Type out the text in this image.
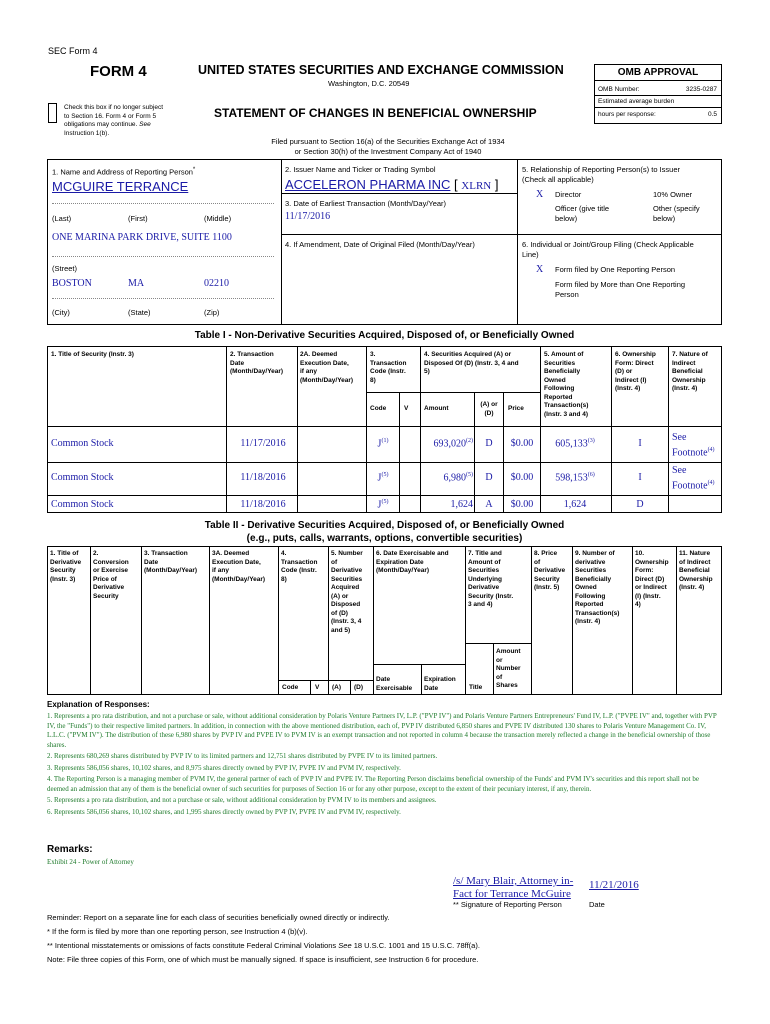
SEC Form 4
FORM 4	UNITED STATES SECURITIES AND EXCHANGE COMMISSION
Washington, D.C. 20549
STATEMENT OF CHANGES IN BENEFICIAL OWNERSHIP
Check this box if no longer subject
to Section 16. Form 4 or Form 5
obligations may continue. See
Instruction 1(b).
Filed pursuant to Section 16(a) of the Securities Exchange Act of 1934
or Section 30(h) of the Investment Company Act of 1940
OMB APPROVAL
OMB Number:	3235-0287
Estimated average burden
hours per response:	0.5
1. Name and Address of Reporting Person*
MCGUIRE TERRANCE
(Last)	(First)	(Middle)
ONE MARINA PARK DRIVE, SUITE 1100
(Street)
BOSTON	MA	02210
(City)	(State)	(Zip)
2. Issuer Name and Ticker or Trading Symbol
ACCELERON PHARMA INC [ XLRN ]
3. Date of Earliest Transaction (Month/Day/Year)
11/17/2016
4. If Amendment, Date of Original Filed (Month/Day/Year)
5. Relationship of Reporting Person(s) to Issuer
(Check all applicable)
X Director	10% Owner
Officer (give title
below)
Other (specify
below)
6. Individual or Joint/Group Filing (Check Applicable
Line)
X Form filed by One Reporting Person
Form filed by More than One Reporting
Person
Table I - Non-Derivative Securities Acquired, Disposed of, or Beneficially Owned
1. Title of Security (Instr. 3)	2. Transaction
Date
(Month/Day/Year)
2A. Deemed
Execution Date,
if any
(Month/Day/Year)
3.
Transaction
Code (Instr.
8)
4. Securities Acquired (A) or
Disposed Of (D) (Instr. 3, 4 and
5)
5. Amount of
Securities
Beneficially
Owned
Following
Reported
Transaction(s)
(Instr. 3 and 4)
6. Ownership
Form: Direct
(D) or
Indirect (I)
(Instr. 4)
7. Nature of
Indirect
Beneficial
Ownership
(Instr. 4)
Code	V Amount
(A) or
(D)
Price
Common Stock	11/17/2016	$J^{(1)}$	693,020$^{(2)}$	D	$0.00	605,133$^{(3)}$	I
See
Footnote$^{(4)}$
Common Stock	11/18/2016	$J^{(5)}$	6,980$^{(5)}$	D	$0.00	598,153$^{(6)}$	I
See
Footnote$^{(4)}$
Common Stock	11/18/2016	$J^{(5)}$	1,624	A	$0.00	1,624	D
Table II - Derivative Securities Acquired, Disposed of, or Beneficially Owned
(e.g., puts, calls, warrants, options, convertible securities)
1. Title of
Derivative
Security
(Instr. 3)
2.
Conversion
or Exercise
Price of
Derivative
Security
3. Transaction
Date
(Month/Day/Year)
3A. Deemed
Execution Date,
if any
(Month/Day/Year)
4.
Transaction
Code (Instr.
8)
5. Number
of
Derivative
Securities
Acquired
(A) or
Disposed
of (D)
(Instr. 3, 4
and 5)
6. Date Exercisable and
Expiration Date
(Month/Day/Year)
7. Title and
Amount of
Securities
Underlying
Derivative
Security (Instr.
3 and 4)
8. Price
of
Derivative
Security
(Instr. 5)
9. Number of
derivative
Securities
Beneficially
Owned
Following
Reported
Transaction(s)
(Instr. 4)
10.
Ownership
Form:
Direct (D)
or Indirect
(I) (Instr.
4)
11. Nature
of Indirect
Beneficial
Ownership
(Instr. 4)
Code	V (A) (D)
Date
Exercisable
Expiration
Date	Title
Amount
or
Number
of
Shares
Explanation of Responses:
1. Represents a pro rata distribution, and not a purchase or sale, without additional consideration by Polaris Venture Partners IV, L.P. ("PVP IV") and Polaris Venture Partners Entrepreneurs' Fund IV, L.P. ("PVPE IV" and, together with PVP IV, the "Funds") to their respective limited partners. In addition, in connection with the above mentioned distribution, each of, PVP IV distributed 6,850 shares and PVPE IV distributed 130 shares to Polaris Venture Management Co. IV, L.L.C. ("PVM IV"). The distribution of these 6,980 shares by PVP IV and PVPE IV to PVM IV is an exempt transaction and not reported in column 4 because the transaction merely reflected a change in the beneficial ownership of those shares.
2. Represents 680,269 shares distributed by PVP IV to its limited partners and 12,751 shares distributed by PVPE IV to its limited partners.
3. Represents 586,056 shares, 10,102 shares, and 8,975 shares directly owned by PVP IV, PVPE IV and PVM IV, respectively.
4. The Reporting Person is a managing member of PVM IV, the general partner of each of PVP IV and PVPE IV. The Reporting Person disclaims beneficial ownership of the Funds' and PVM IV's securities and this report shall not be deemed an admission that any of them is the beneficial owner of such securities for purposes of Section 16 or for any other purpose, except to the extent of their pecuniary interest, if any, therein.
5. Represents a pro rata distribution, and not a purchase or sale, without additional consideration by PVM IV to its members and assignees.
6. Represents 586,056 shares, 10,102 shares, and 1,995 shares directly owned by PVP IV, PVPE IV and PVM IV, respectively.
Remarks:
Exhibit 24 - Power of Attorney
/s/ Mary Blair, Attorney in-
Fact for Terrance McGuire
11/21/2016
** Signature of Reporting Person	Date
Reminder: Report on a separate line for each class of securities beneficially owned directly or indirectly.
* If the form is filed by more than one reporting person, see Instruction 4 (b)(v).
** Intentional misstatements or omissions of facts constitute Federal Criminal Violations See 18 U.S.C. 1001 and 15 U.S.C. 78ff(a).
Note: File three copies of this Form, one of which must be manually signed. If space is insufficient, see Instruction 6 for procedure.
